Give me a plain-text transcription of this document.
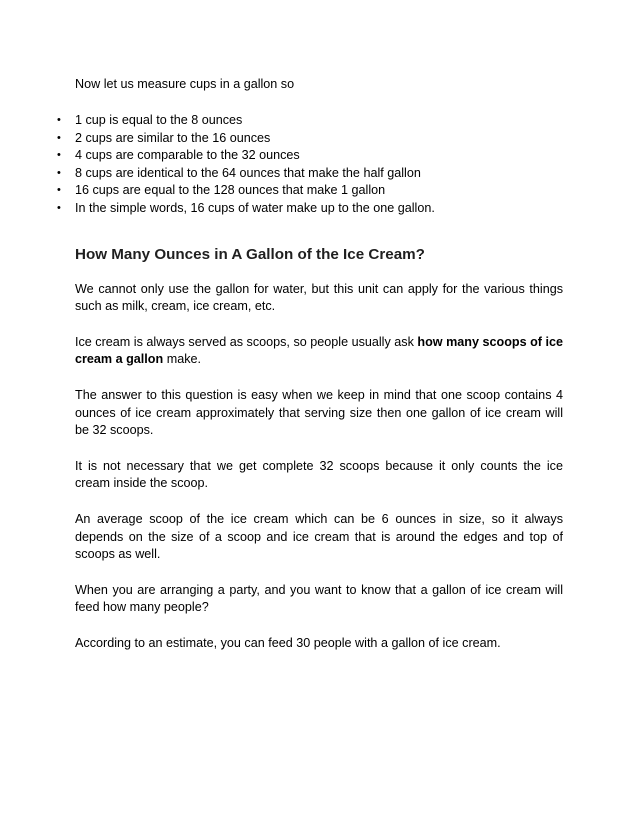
Now let us measure cups in a gallon so

• 1 cup is equal to the 8 ounces
• 2 cups are similar to the 16 ounces
• 4 cups are comparable to the 32 ounces
• 8 cups are identical to the 64 ounces that make the half gallon
• 16 cups are equal to the 128 ounces that make 1 gallon
• In the simple words, 16 cups of water make up to the one gallon.
How Many Ounces in A Gallon of the Ice Cream?

We cannot only use the gallon for water, but this unit can apply for the various things such as milk, cream, ice cream, etc.

Ice cream is always served as scoops, so people usually ask how many scoops of ice cream a gallon make.

The answer to this question is easy when we keep in mind that one scoop contains 4 ounces of ice cream approximately that serving size then one gallon of ice cream will be 32 scoops.

It is not necessary that we get complete 32 scoops because it only counts the ice cream inside the scoop.

An average scoop of the ice cream which can be 6 ounces in size, so it always depends on the size of a scoop and ice cream that is around the edges and top of scoops as well.

When you are arranging a party, and you want to know that a gallon of ice cream will feed how many people?

According to an estimate, you can feed 30 people with a gallon of ice cream.
